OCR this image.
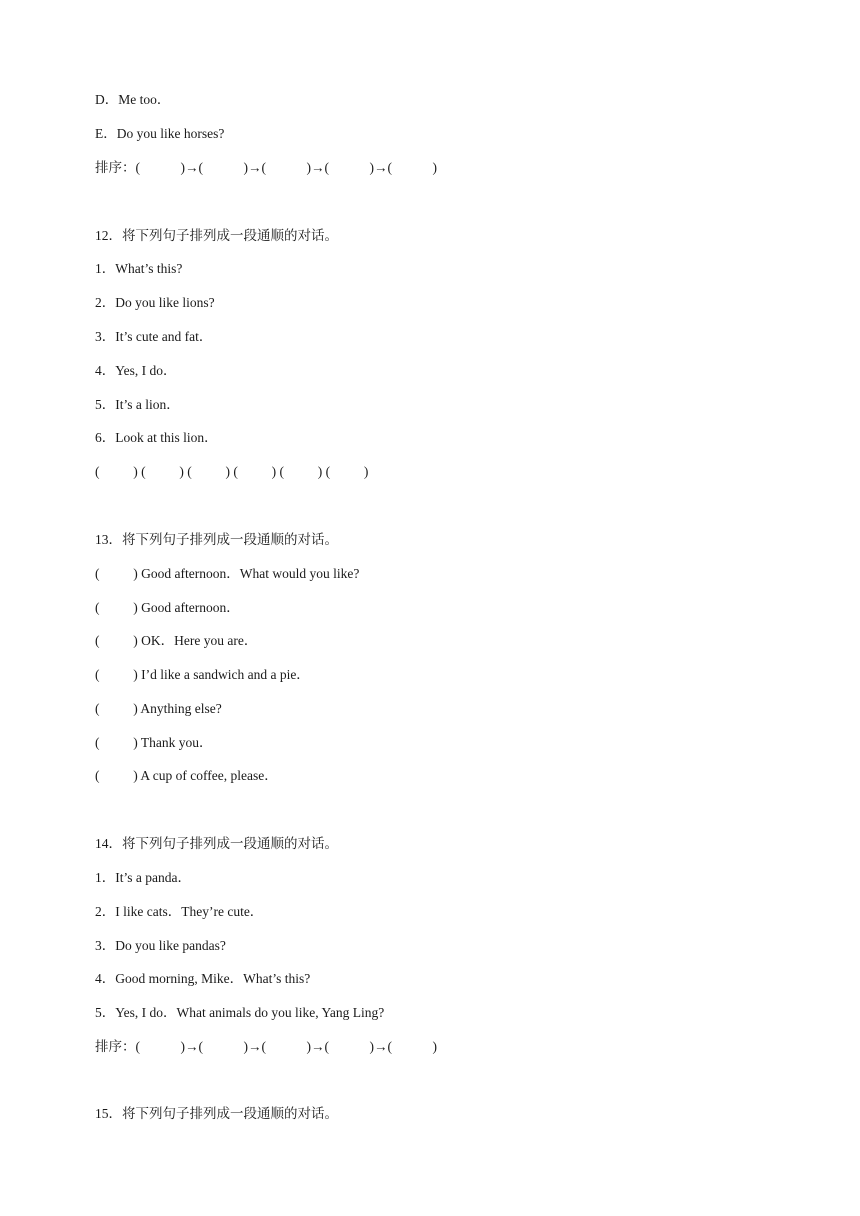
D．Me too．
E．Do you like horses?
排序：(            )→(            )→(            )→(            )→(            )
12．将下列句子排列成一段通顺的对话。
1．What’s this?
2．Do you like lions?
3．It’s cute and fat．
4．Yes, I do．
5．It’s a lion．
6．Look at this lion．
(          ) (          ) (          ) (          ) (          ) (          )
13．将下列句子排列成一段通顺的对话。
(          ) Good afternoon．What would you like?
(          ) Good afternoon．
(          ) OK．Here you are．
(          ) I’d like a sandwich and a pie．
(          ) Anything else?
(          ) Thank you．
(          ) A cup of coffee, please．
14．将下列句子排列成一段通顺的对话。
1．It’s a panda．
2．I like cats．They’re cute．
3．Do you like pandas?
4．Good morning, Mike．What’s this?
5．Yes, I do．What animals do you like, Yang Ling?
排序：(            )→(            )→(            )→(            )→(            )
15．将下列句子排列成一段通顺的对话。
